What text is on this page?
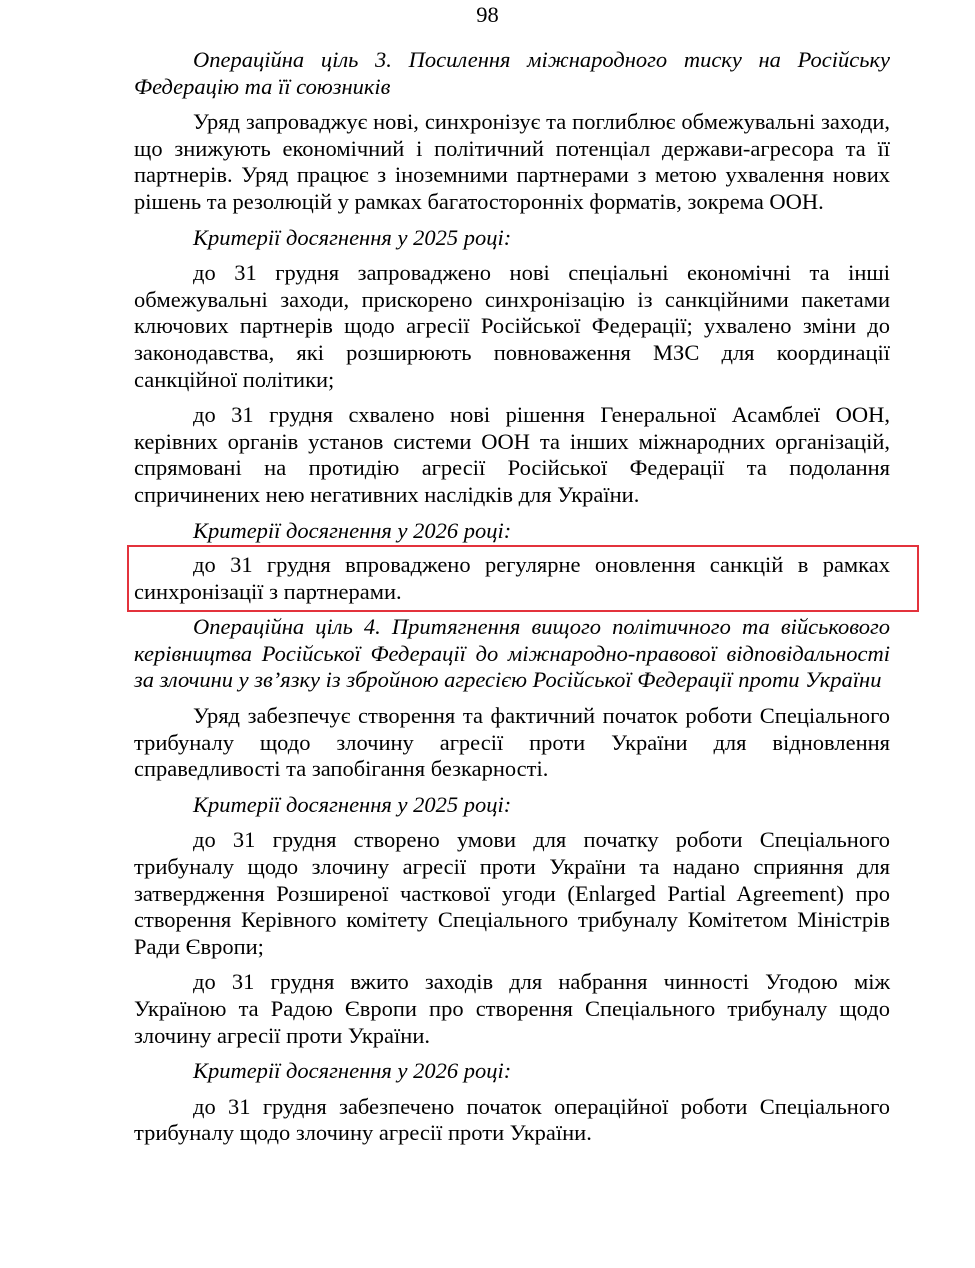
98

Операційна ціль 3. Посилення міжнародного тиску на Російську Федерацію та її союзників

Уряд запроваджує нові, синхронізує та поглиблює обмежувальні заходи, що знижують економічний і політичний потенціал держави-агресора та її партнерів. Уряд працює з іноземними партнерами з метою ухвалення нових рішень та резолюцій у рамках багатосторонніх форматів, зокрема ООН.

Критерії досягнення у 2025 році:

до 31 грудня запроваджено нові спеціальні економічні та інші обмежувальні заходи, прискорено синхронізацію із санкційними пакетами ключових партнерів щодо агресії Російської Федерації; ухвалено зміни до законодавства, які розширюють повноваження МЗС для координації санкційної політики;

до 31 грудня схвалено нові рішення Генеральної Асамблеї ООН, керівних органів установ системи ООН та інших міжнародних організацій, спрямовані на протидію агресії Російської Федерації та подолання спричинених нею негативних наслідків для України.

Критерії досягнення у 2026 році:

до 31 грудня впроваджено регулярне оновлення санкцій в рамках синхронізації з партнерами.

Операційна ціль 4. Притягнення вищого політичного та військового керівництва Російської Федерації до міжнародно-правової відповідальності за злочини у зв’язку із збройною агресією Російської Федерації проти України

Уряд забезпечує створення та фактичний початок роботи Спеціального трибуналу щодо злочину агресії проти України для відновлення справедливості та запобігання безкарності.

Критерії досягнення у 2025 році:

до 31 грудня створено умови для початку роботи Спеціального трибуналу щодо злочину агресії проти України та надано сприяння для затвердження Розширеної часткової угоди (Enlarged Partial Agreement) про створення Керівного комітету Спеціального трибуналу Комітетом Міністрів Ради Європи;

до 31 грудня вжито заходів для набрання чинності Угодою між Україною та Радою Європи про створення Спеціального трибуналу щодо злочину агресії проти України.

Критерії досягнення у 2026 році:

до 31 грудня забезпечено початок операційної роботи Спеціального трибуналу щодо злочину агресії проти України.
